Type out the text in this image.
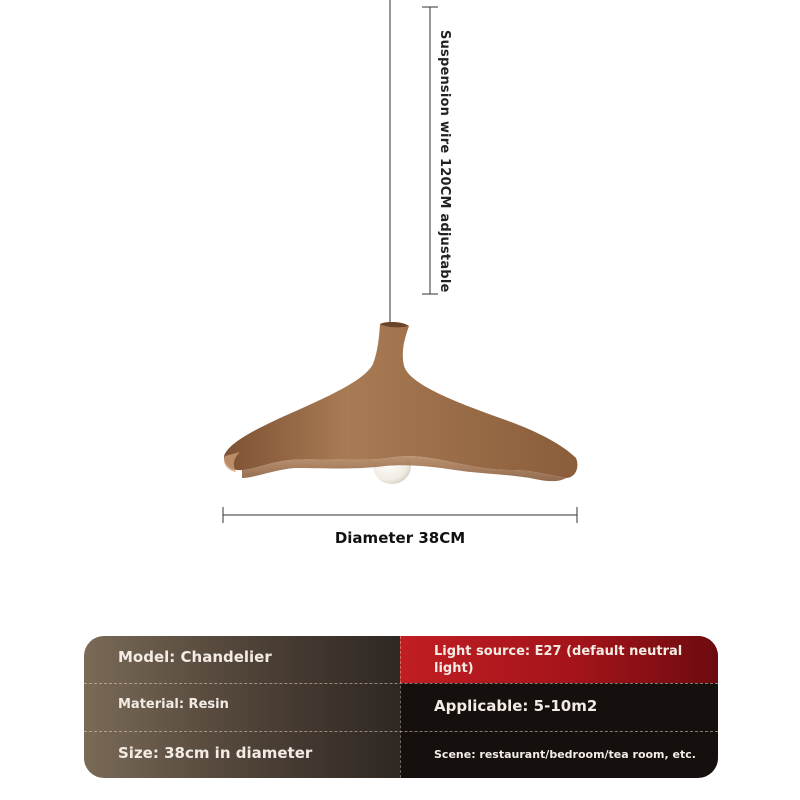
Suspension wire 120CM adjustable
Diameter 38CM
Model: Chandelier	Light source: E27 (default neutral light)
Material: Resin	Applicable: 5-10m2
Size: 38cm in diameter	Scene: restaurant/bedroom/tea room, etc.
